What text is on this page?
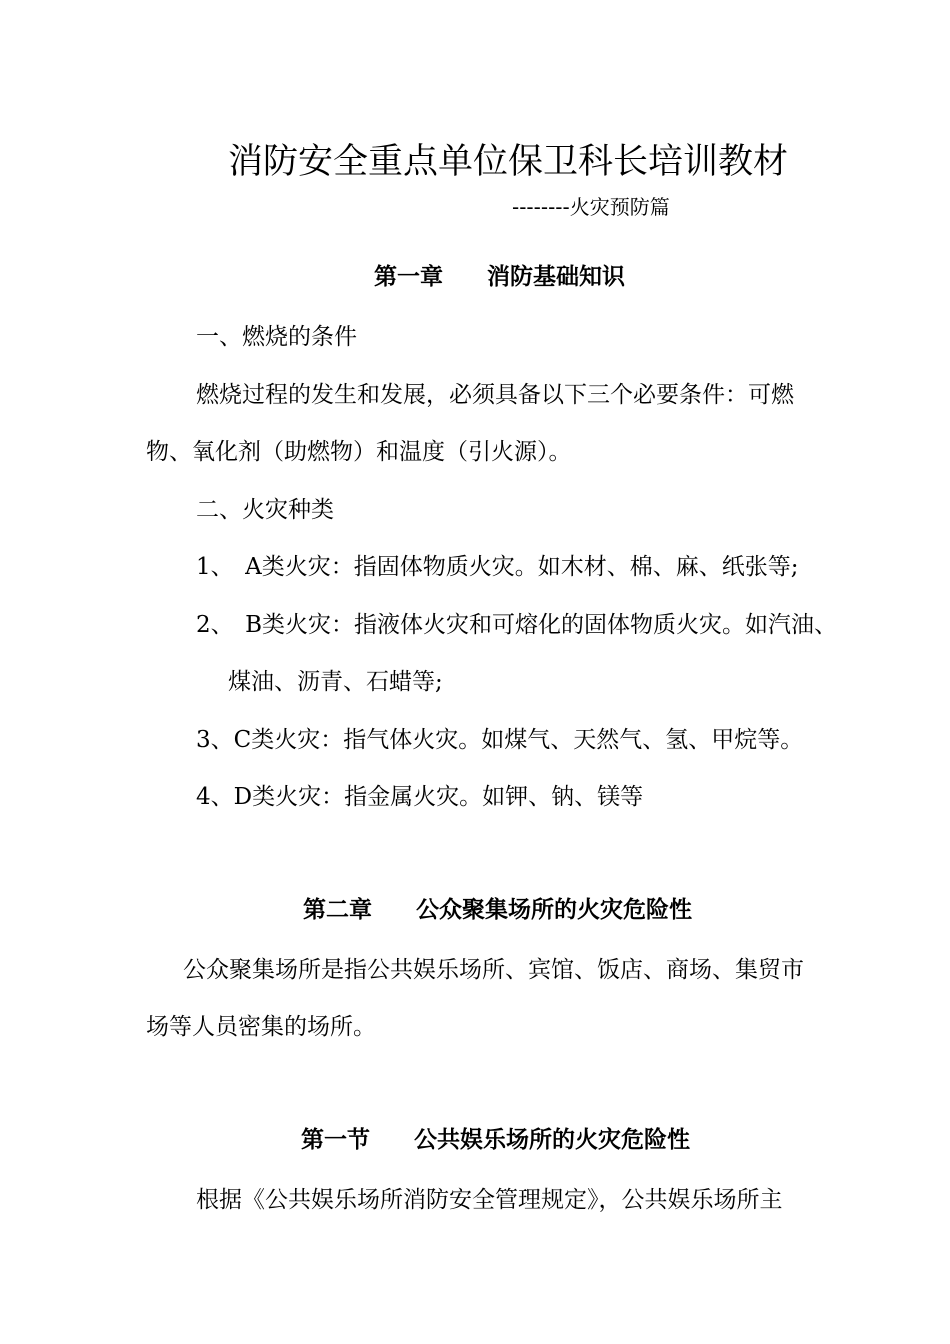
消防安全重点单位保卫科长培训教材
--------火灾预防篇
第一章 消防基础知识
一、燃烧的条件
燃烧过程的发生和发展，必须具备以下三个必要条件：可燃
物、氧化剂（助燃物）和温度（引火源）。
二、火灾种类
1、　A类火灾：指固体物质火灾。如木材、棉、麻、纸张等;
2、　B类火灾：指液体火灾和可熔化的固体物质火灾。如汽油、
煤油、沥青、石蜡等;
3、C类火灾：指气体火灾。如煤气、天然气、氢、甲烷等。
4、D类火灾：指金属火灾。如钾、钠、镁等
第二章 公众聚集场所的火灾危险性
公众聚集场所是指公共娱乐场所、宾馆、饭店、商场、集贸市
场等人员密集的场所。
第一节 公共娱乐场所的火灾危险性
根据《公共娱乐场所消防安全管理规定》，公共娱乐场所主
